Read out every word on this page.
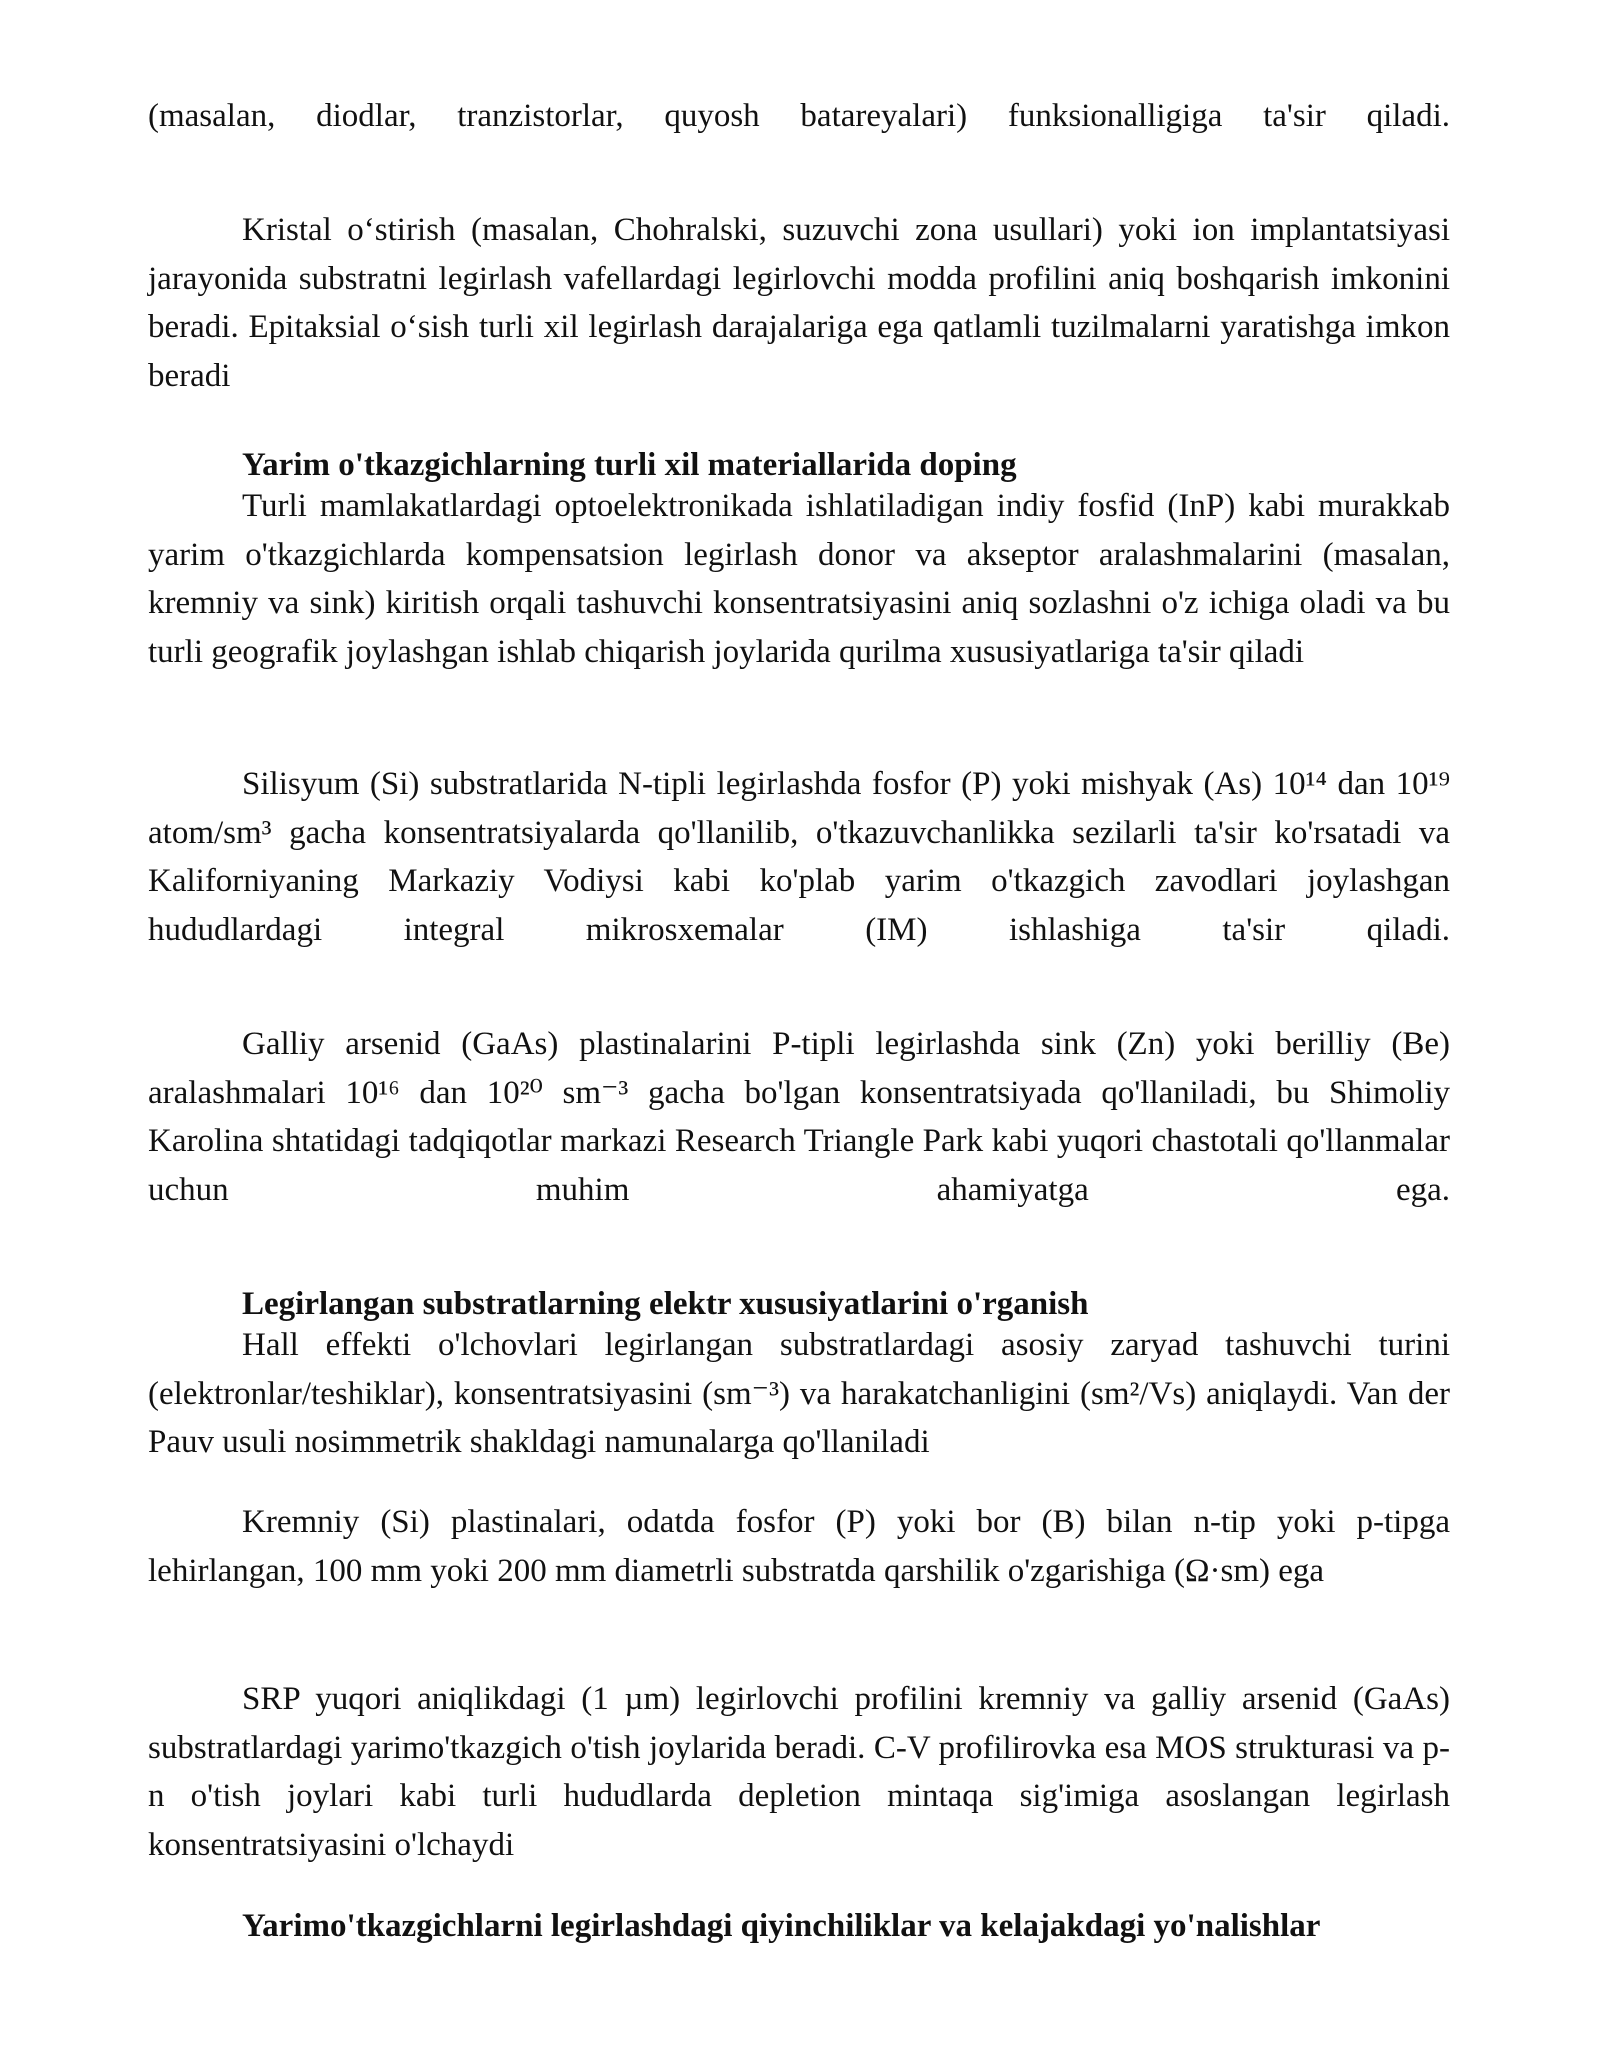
(masalan, diodlar, tranzistorlar, quyosh batareyalari) funksionalligiga ta'sir qiladi.

Kristal o‘stirish (masalan, Chohralski, suzuvchi zona usullari) yoki ion implantatsiyasi jarayonida substratni legirlash vafellardagi legirlovchi modda profilini aniq boshqarish imkonini beradi. Epitaksial o‘sish turli xil legirlash darajalariga ega qatlamli tuzilmalarni yaratishga imkon beradi

Yarim o'tkazgichlarning turli xil materiallarida doping

Turli mamlakatlardagi optoelektronikada ishlatiladigan indiy fosfid (InP) kabi murakkab yarim o'tkazgichlarda kompensatsion legirlash donor va akseptor aralashmalarini (masalan, kremniy va sink) kiritish orqali tashuvchi konsentratsiyasini aniq sozlashni o'z ichiga oladi va bu turli geografik joylashgan ishlab chiqarish joylarida qurilma xususiyatlariga ta'sir qiladi

Silisyum (Si) substratlarida N-tipli legirlashda fosfor (P) yoki mishyak (As) 10¹⁴ dan 10¹⁹ atom/sm³ gacha konsentratsiyalarda qo'llanilib, o'tkazuvchanlikka sezilarli ta'sir ko'rsatadi va Kaliforniyaning Markaziy Vodiysi kabi ko'plab yarim o'tkazgich zavodlari joylashgan hududlardagi integral mikrosxemalar (IM) ishlashiga ta'sir qiladi.

Galliy arsenid (GaAs) plastinalarini P-tipli legirlashda sink (Zn) yoki berilliy (Be) aralashmalari 10¹⁶ dan 10²⁰ sm⁻³ gacha bo'lgan konsentratsiyada qo'llaniladi, bu Shimoliy Karolina shtatidagi tadqiqotlar markazi Research Triangle Park kabi yuqori chastotali qo'llanmalar uchun muhim ahamiyatga ega.

Legirlangan substratlarning elektr xususiyatlarini o'rganish

Hall effekti o'lchovlari legirlangan substratlardagi asosiy zaryad tashuvchi turini (elektronlar/teshiklar), konsentratsiyasini (sm⁻³) va harakatchanligini (sm²/Vs) aniqlaydi. Van der Pauv usuli nosimmetrik shakldagi namunalarga qo'llaniladi

Kremniy (Si) plastinalari, odatda fosfor (P) yoki bor (B) bilan n-tip yoki p-tipga lehirlangan, 100 mm yoki 200 mm diametrli substratda qarshilik o'zgarishiga (Ω·sm) ega

SRP yuqori aniqlikdagi (1 µm) legirlovchi profilini kremniy va galliy arsenid (GaAs) substratlardagi yarimo'tkazgich o'tish joylarida beradi. C-V profilirovka esa MOS strukturasi va p-n o'tish joylari kabi turli hududlarda depletion mintaqa sig'imiga asoslangan legirlash konsentratsiyasini o'lchaydi

Yarimo'tkazgichlarni legirlashdagi qiyinchiliklar va kelajakdagi yo'nalishlar
